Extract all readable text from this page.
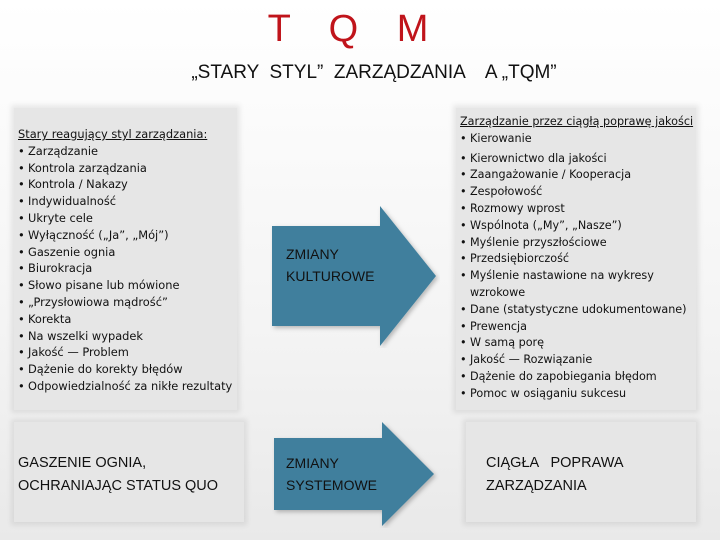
T Q M
„STARY  STYL”  ZARZĄDZANIA    A „TQM”
Stary reagujący styl zarządzania:
• Zarządzanie
• Kontrola zarządzania
• Kontrola / Nakazy
• Indywidualność
• Ukryte cele
• Wyłączność („Ja”, „Mój”)
• Gaszenie ognia
• Biurokracja
• Słowo pisane lub mówione
• „Przysłowiowa mądrość”
• Korekta
• Na wszelki wypadek
• Jakość — Problem
• Dążenie do korekty błędów
• Odpowiedzialność za nikłe rezultaty
Zarządzanie przez ciągłą poprawę jakości
• Kierowanie
• Kierownictwo dla jakości
• Zaangażowanie / Kooperacja
• Zespołowość
• Rozmowy wprost
• Wspólnota („My”, „Nasze”)
• Myślenie przyszłościowe
• Przedsiębiorczość
• Myślenie nastawione na wykresy wzrokowe
• Dane (statystyczne udokumentowane)
• Prewencja
• W samą porę
• Jakość — Rozwiązanie
• Dążenie do zapobiegania błędom
• Pomoc w osiąganiu sukcesu
ZMIANY
KULTUROWE
ZMIANY
SYSTEMOWE
GASZENIE OGNIA,
OCHRANIAJĄC STATUS QUO
CIĄGŁA   POPRAWA
ZARZĄDZANIA
